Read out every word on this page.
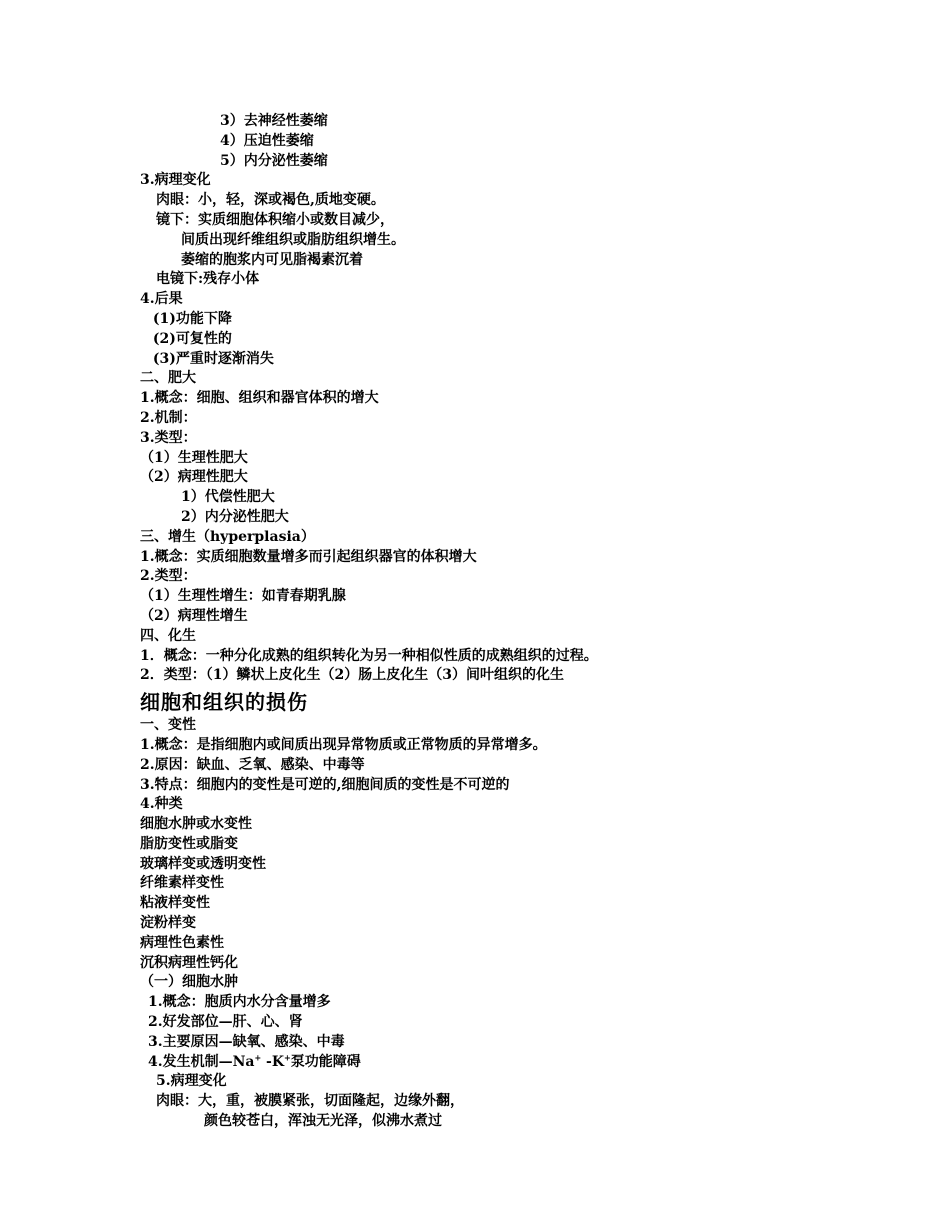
3）去神经性萎缩
4）压迫性萎缩
5）内分泌性萎缩
3.病理变化
肉眼：小，轻，深或褐色,质地变硬。
镜下：实质细胞体积缩小或数目减少，
间质出现纤维组织或脂肪组织增生。
萎缩的胞浆内可见脂褐素沉着
电镜下:残存小体
4.后果
(1)功能下降
(2)可复性的
(3)严重时逐渐消失
二、肥大
1.概念：细胞、组织和器官体积的增大
2.机制：
3.类型：
（1）生理性肥大
（2）病理性肥大
1）代偿性肥大
2）内分泌性肥大
三、增生（hyperplasia）
1.概念：实质细胞数量增多而引起组织器官的体积增大
2.类型：
（1）生理性增生：如青春期乳腺
（2）病理性增生
四、化生
1．概念：一种分化成熟的组织转化为另一种相似性质的成熟组织的过程。
2．类型：（1）鳞状上皮化生（2）肠上皮化生（3）间叶组织的化生
细胞和组织的损伤
一、变性
1.概念：是指细胞内或间质出现异常物质或正常物质的异常增多。
2.原因：缺血、乏氧、感染、中毒等
3.特点：细胞内的变性是可逆的,细胞间质的变性是不可逆的
4.种类
细胞水肿或水变性
脂肪变性或脂变
玻璃样变或透明变性
纤维素样变性
粘液样变性
淀粉样变
病理性色素性
沉积病理性钙化
（一）细胞水肿
1.概念：胞质内水分含量增多
2.好发部位—肝、心、肾
3.主要原因—缺氧、感染、中毒
4.发生机制—Na+ -K+泵功能障碍
5.病理变化
肉眼：大，重，被膜紧张，切面隆起，边缘外翻，
颜色较苍白，浑浊无光泽，似沸水煮过
